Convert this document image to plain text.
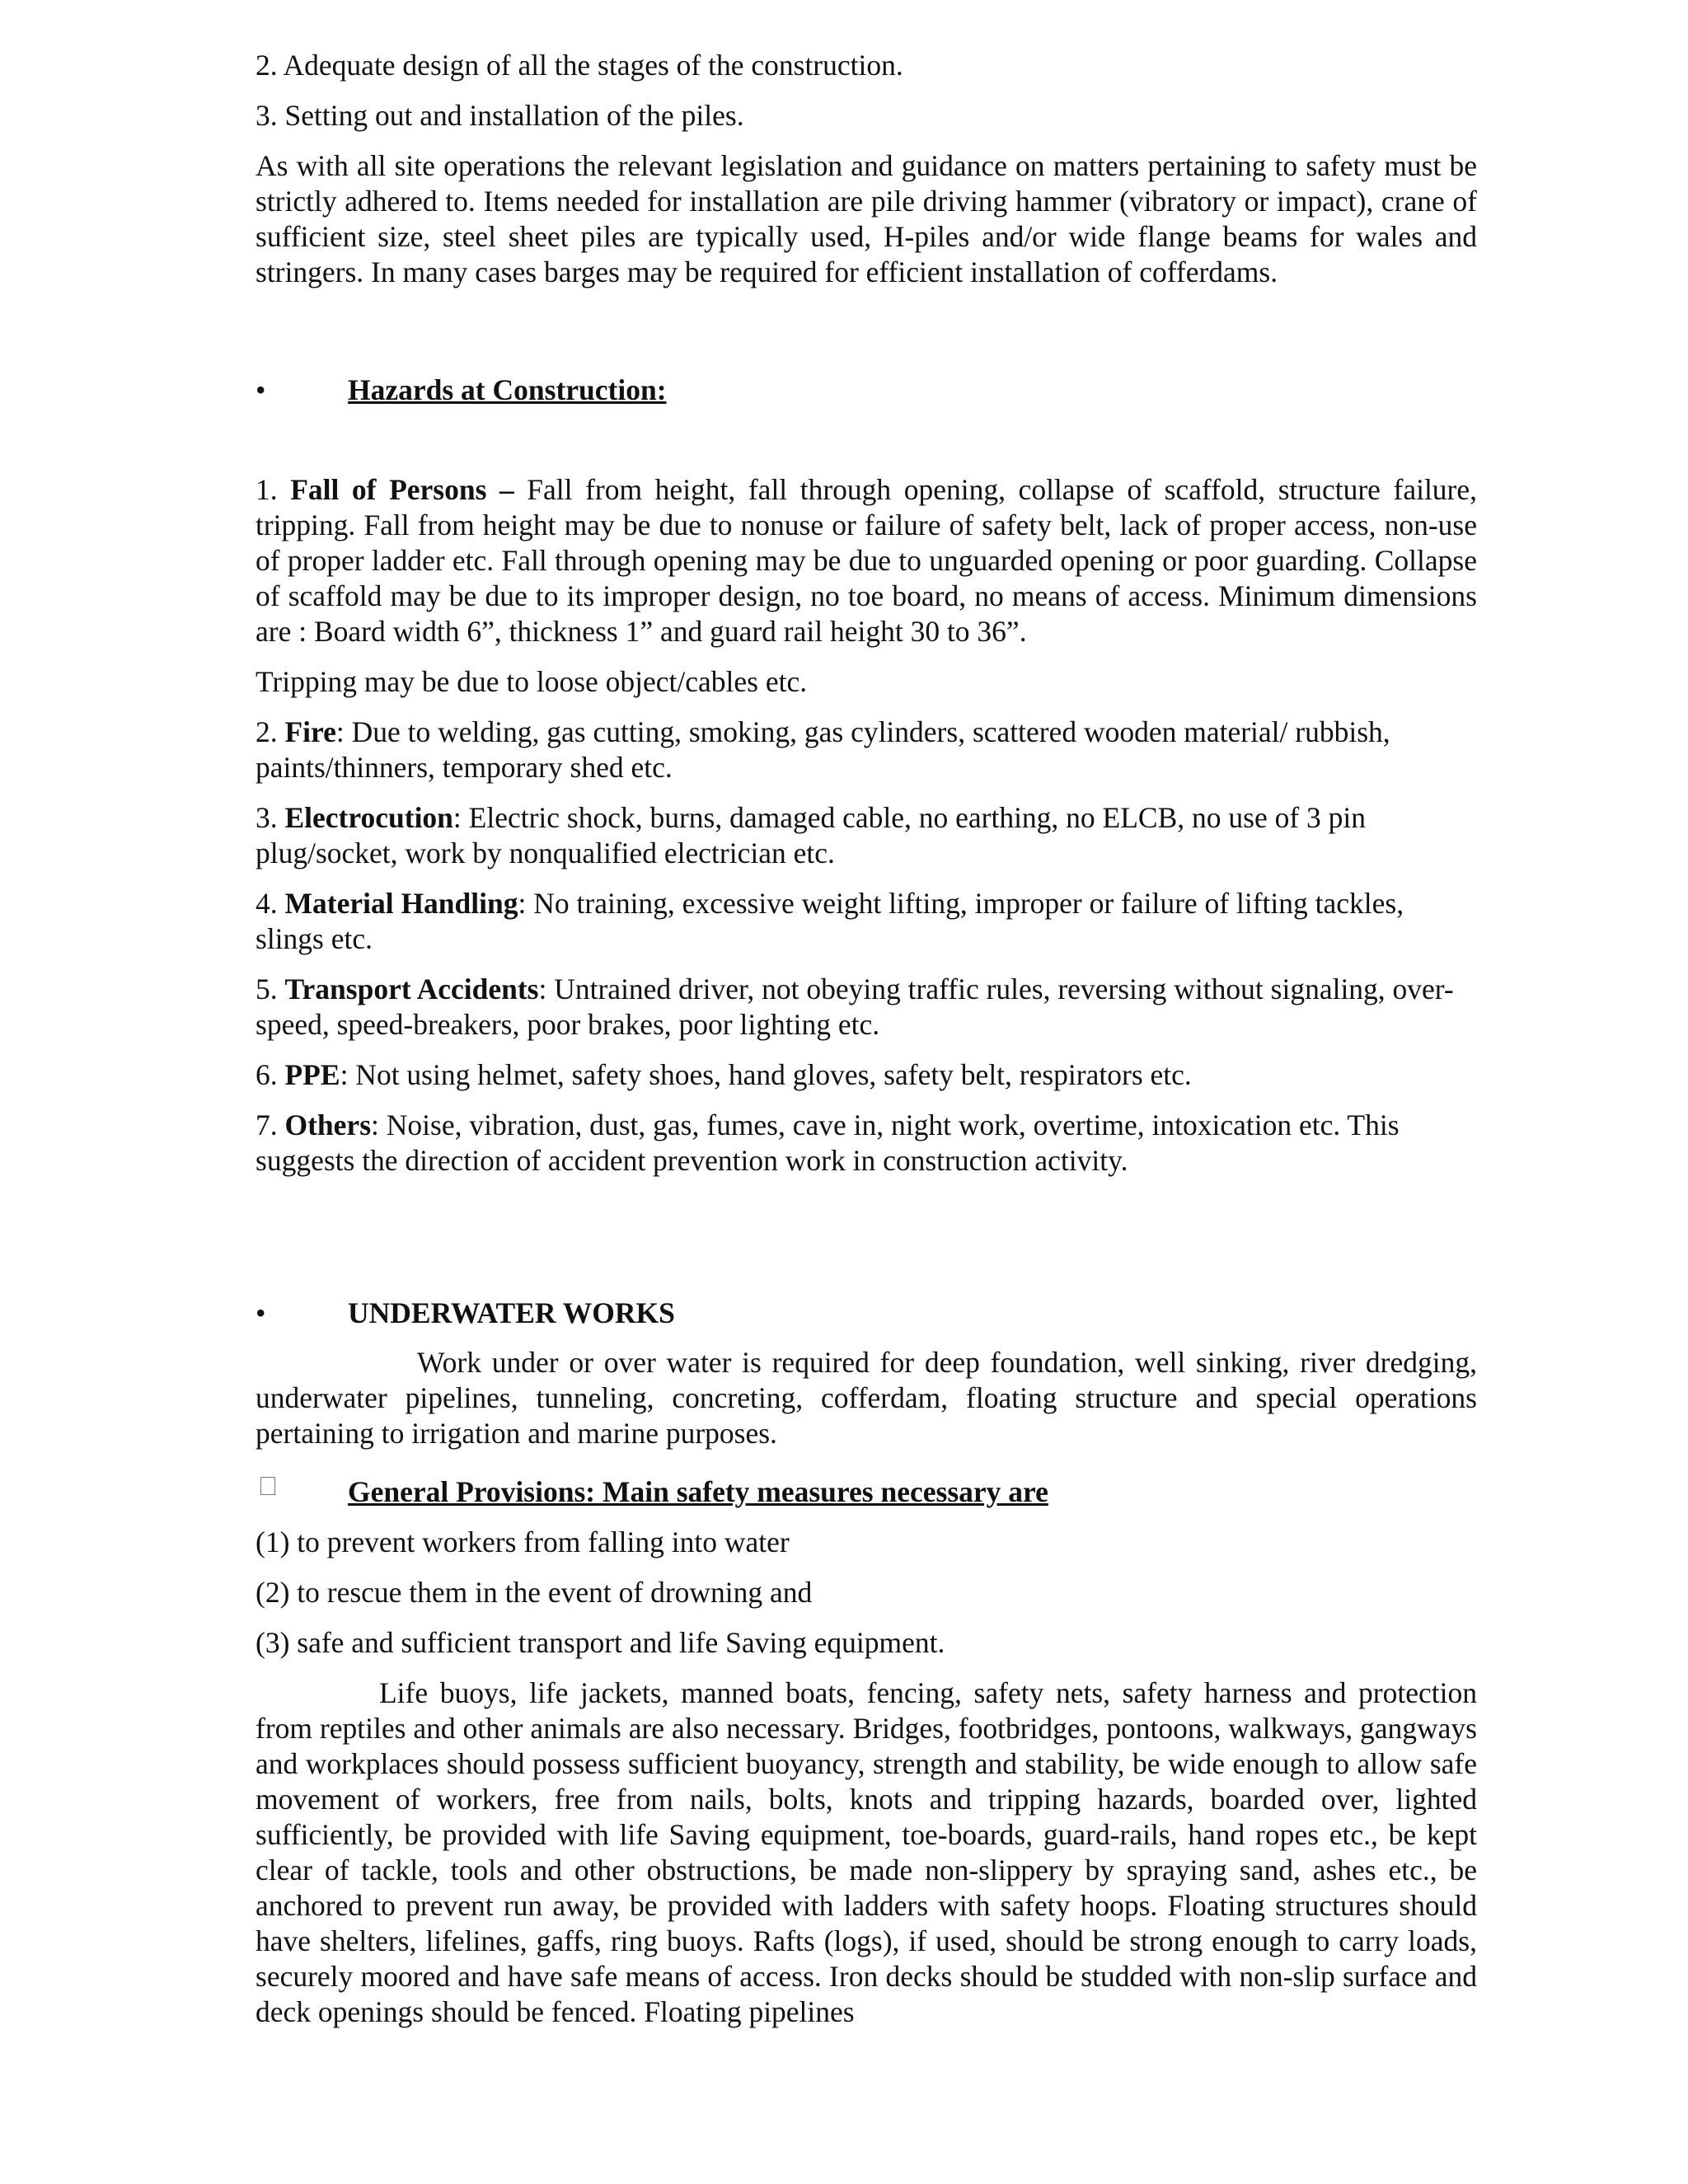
2. Adequate design of all the stages of the construction.

3. Setting out and installation of the piles.

As with all site operations the relevant legislation and guidance on matters pertaining to safety must be strictly adhered to. Items needed for installation are pile driving hammer (vibratory or impact), crane of sufficient size, steel sheet piles are typically used, H-piles and/or wide flange beams for wales and stringers. In many cases barges may be required for efficient installation of cofferdams.

•	Hazards at Construction:

1. Fall of Persons – Fall from height, fall through opening, collapse of scaffold, structure failure, tripping. Fall from height may be due to nonuse or failure of safety belt, lack of proper access, non-use of proper ladder etc. Fall through opening may be due to unguarded opening or poor guarding. Collapse of scaffold may be due to its improper design, no toe board, no means of access. Minimum dimensions are : Board width 6”, thickness 1” and guard rail height 30 to 36”.

Tripping may be due to loose object/cables etc.

2. Fire: Due to welding, gas cutting, smoking, gas cylinders, scattered wooden material/ rubbish, paints/thinners, temporary shed etc.

3. Electrocution: Electric shock, burns, damaged cable, no earthing, no ELCB, no use of 3 pin plug/socket, work by nonqualified electrician etc.

4. Material Handling: No training, excessive weight lifting, improper or failure of lifting tackles, slings etc.

5. Transport Accidents: Untrained driver, not obeying traffic rules, reversing without signaling, over-speed, speed-breakers, poor brakes, poor lighting etc.

6. PPE: Not using helmet, safety shoes, hand gloves, safety belt, respirators etc.

7. Others: Noise, vibration, dust, gas, fumes, cave in, night work, overtime, intoxication etc. This suggests the direction of accident prevention work in construction activity.

•	UNDERWATER WORKS

Work under or over water is required for deep foundation, well sinking, river dredging, underwater pipelines, tunneling, concreting, cofferdam, floating structure and special operations pertaining to irrigation and marine purposes.

General Provisions: Main safety measures necessary are

(1) to prevent workers from falling into water

(2) to rescue them in the event of drowning and

(3) safe and sufficient transport and life Saving equipment.

Life buoys, life jackets, manned boats, fencing, safety nets, safety harness and protection from reptiles and other animals are also necessary. Bridges, footbridges, pontoons, walkways, gangways and workplaces should possess sufficient buoyancy, strength and stability, be wide enough to allow safe movement of workers, free from nails, bolts, knots and tripping hazards, boarded over, lighted sufficiently, be provided with life Saving equipment, toe-boards, guard-rails, hand ropes etc., be kept clear of tackle, tools and other obstructions, be made non-slippery by spraying sand, ashes etc., be anchored to prevent run away, be provided with ladders with safety hoops. Floating structures should have shelters, lifelines, gaffs, ring buoys. Rafts (logs), if used, should be strong enough to carry loads, securely moored and have safe means of access. Iron decks should be studded with non-slip surface and deck openings should be fenced. Floating pipelines
